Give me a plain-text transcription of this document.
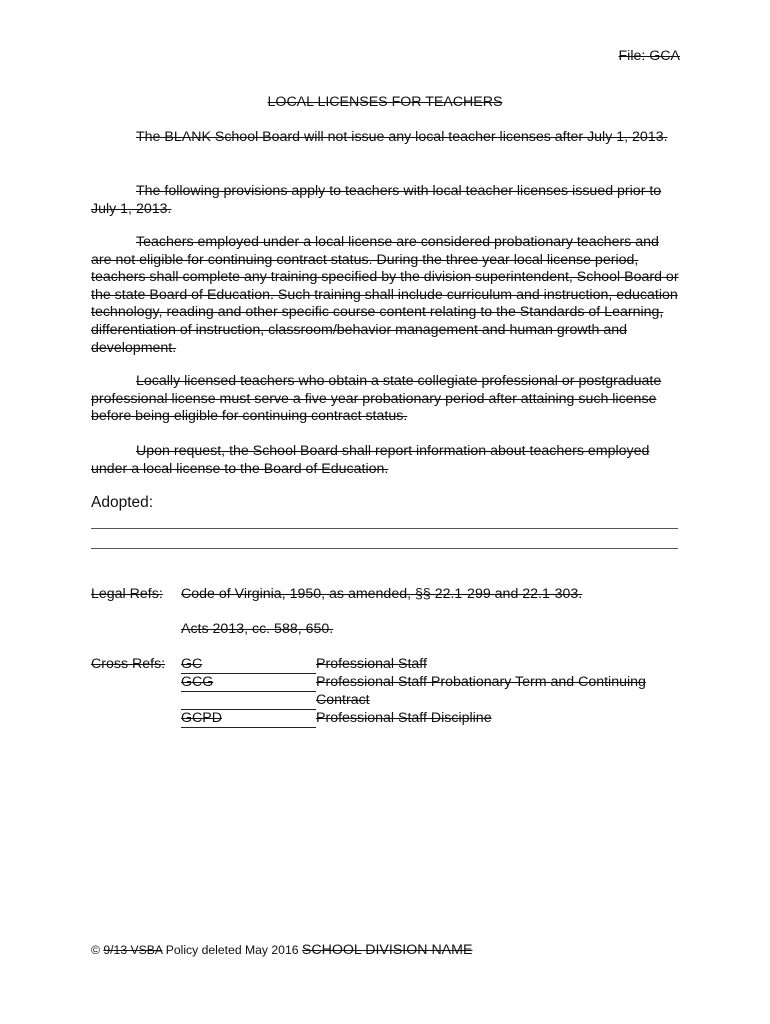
File: GCA
LOCAL LICENSES FOR TEACHERS

The BLANK School Board will not issue any local teacher licenses after July 1, 2013.

The following provisions apply to teachers with local teacher licenses issued prior to July 1, 2013.

Teachers employed under a local license are considered probationary teachers and are not eligible for continuing contract status. During the three year local license period, teachers shall complete any training specified by the division superintendent, School Board or the state Board of Education. Such training shall include curriculum and instruction, education technology, reading and other specific course content relating to the Standards of Learning, differentiation of instruction, classroom/behavior management and human growth and development.

Locally licensed teachers who obtain a state collegiate professional or postgraduate professional license must serve a five year probationary period after attaining such license before being eligible for continuing contract status.

Upon request, the School Board shall report information about teachers employed under a local license to the Board of Education.

Adopted:
Legal Refs: Code of Virginia, 1950, as amended, §§ 22.1-299 and 22.1-303.
Acts 2013, cc. 588, 650.
Cross Refs: GC	Professional Staff
GCG	Professional Staff Probationary Term and Continuing Contract
GCPD	Professional Staff Discipline
© 9/13 VSBA Policy deleted May 2016 SCHOOL DIVISION NAME
